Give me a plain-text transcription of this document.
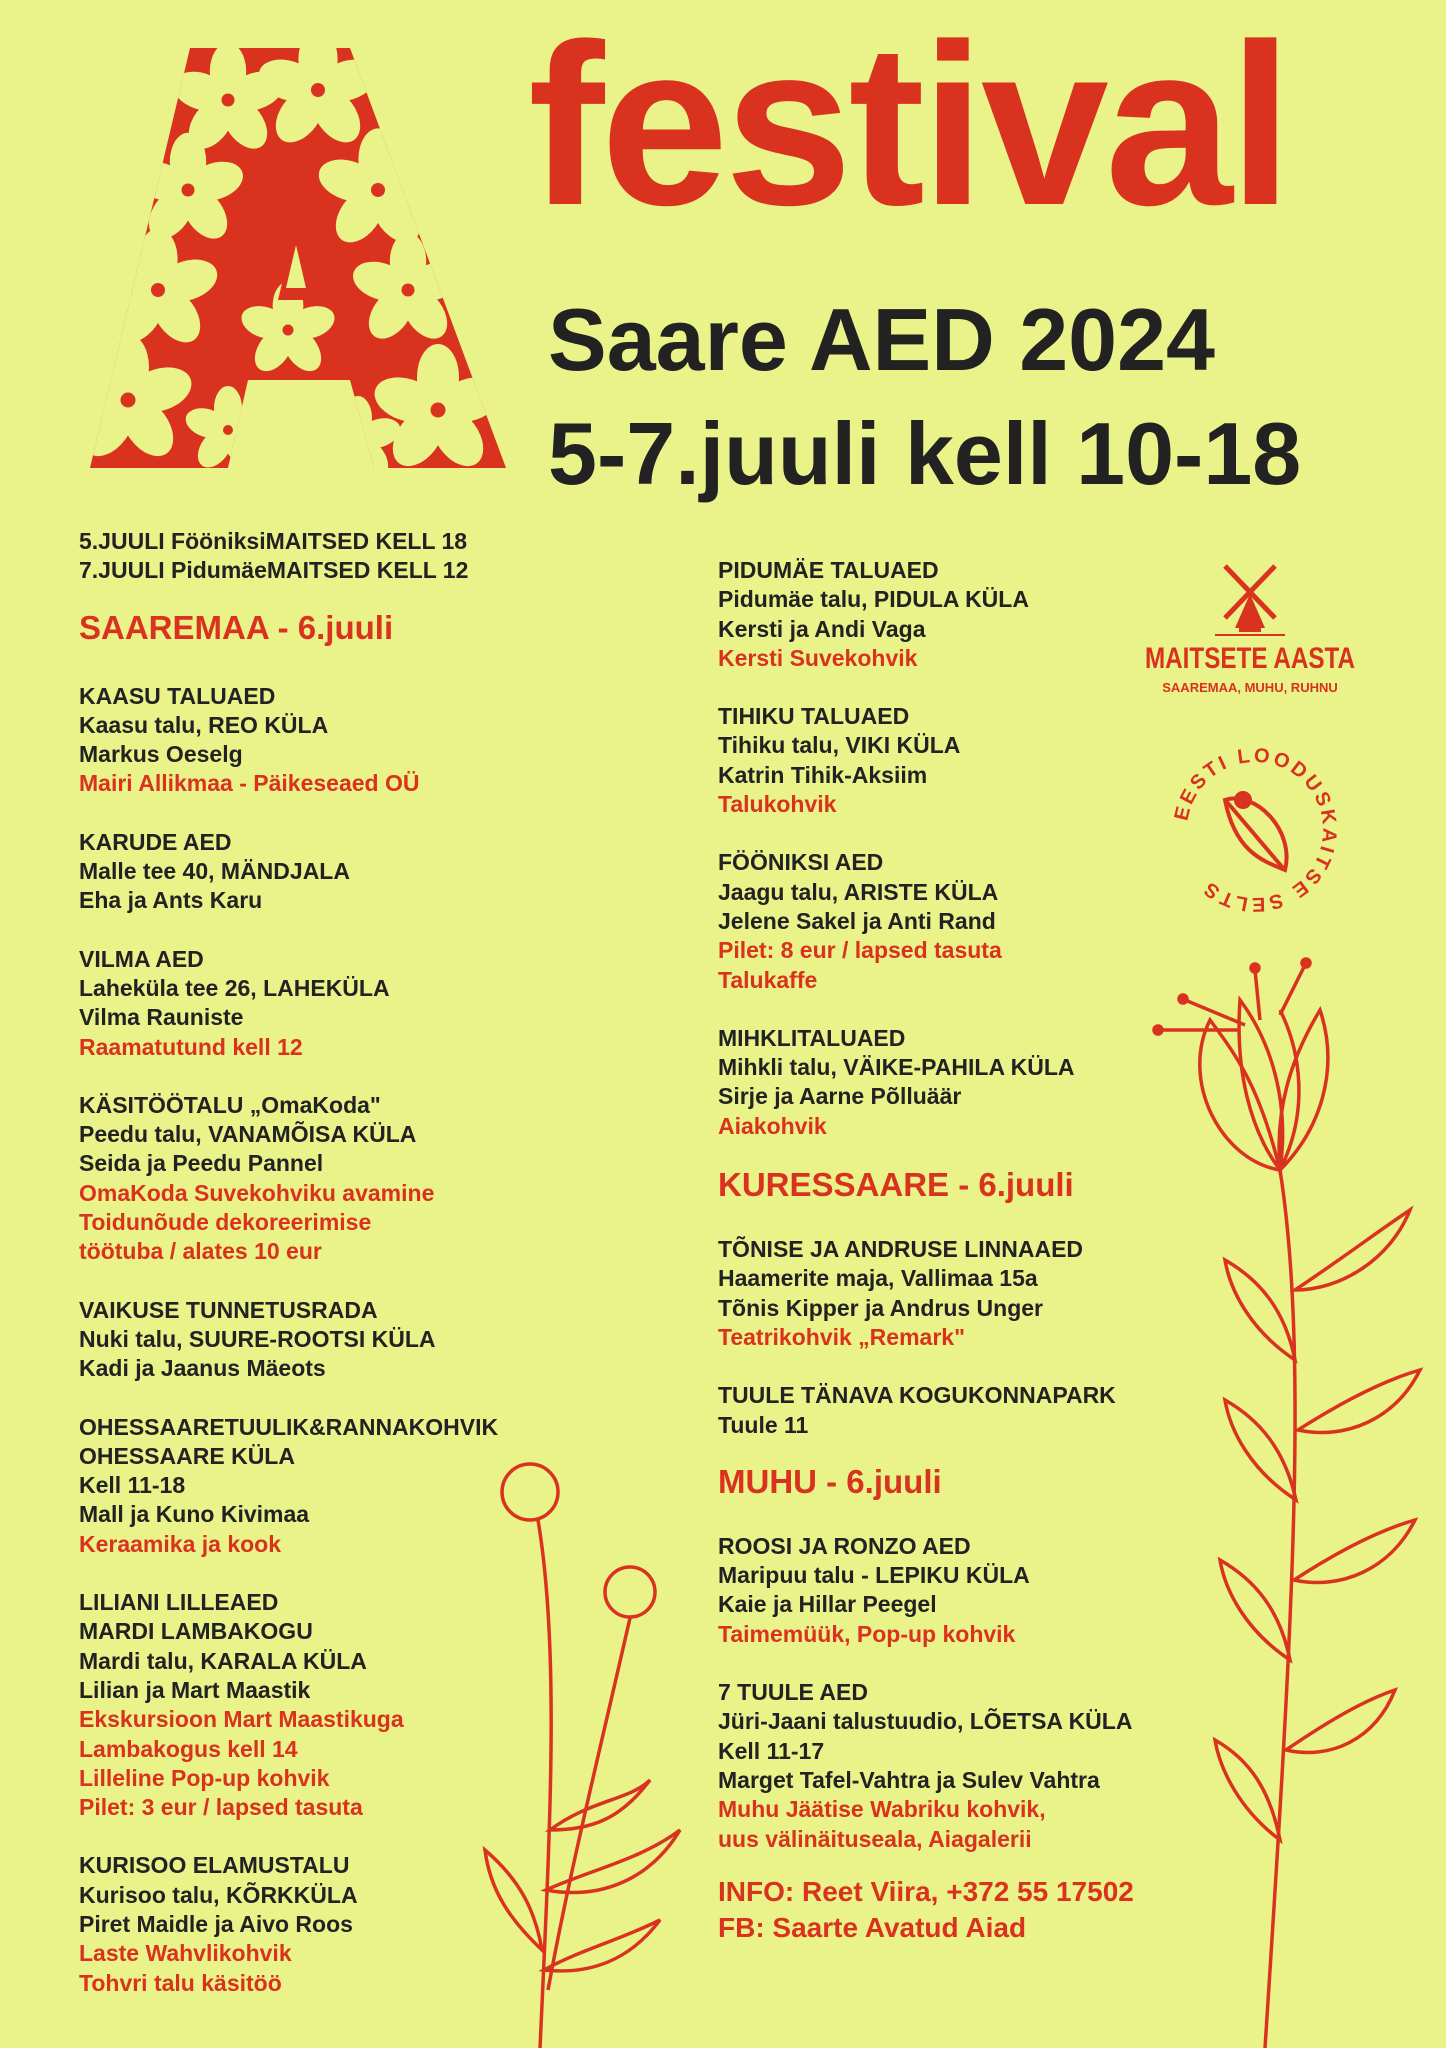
festival
Saare AED 2024
5-7.juuli kell 10-18
5.JUULI FööniksiMAITSED KELL 18
7.JUULI PidumäeMAITSED KELL 12
SAAREMAA - 6.juuli
KAASU TALUAED
Kaasu talu, REO KÜLA
Markus Oeselg
Mairi Allikmaa - Päikeseaed OÜ
KARUDE AED
Malle tee 40, MÄNDJALA
Eha ja Ants Karu
VILMA AED
Laheküla tee 26, LAHEKÜLA
Vilma Rauniste
Raamatutund kell 12
KÄSITÖÖTALU „OmaKoda"
Peedu talu, VANAMÕISA KÜLA
Seida ja Peedu Pannel
OmaKoda Suvekohviku avamine
Toidunõude dekoreerimise
töötuba / alates 10 eur
VAIKUSE TUNNETUSRADA
Nuki talu, SUURE-ROOTSI KÜLA
Kadi ja Jaanus Mäeots
OHESSAARETUULIK&RANNAKOHVIK
OHESSAARE KÜLA
Kell 11-18
Mall ja Kuno Kivimaa
Keraamika ja kook
LILIANI LILLEAED
MARDI LAMBAKOGU
Mardi talu, KARALA KÜLA
Lilian ja Mart Maastik
Ekskursioon Mart Maastikuga
Lambakogus kell 14
Lilleline Pop-up kohvik
Pilet: 3 eur / lapsed tasuta
KURISOO ELAMUSTALU
Kurisoo talu, KÕRKKÜLA
Piret Maidle ja Aivo Roos
Laste Wahvlikohvik
Tohvri talu käsitöö
PIDUMÄE TALUAED
Pidumäe talu, PIDULA KÜLA
Kersti ja Andi Vaga
Kersti Suvekohvik
TIHIKU TALUAED
Tihiku talu, VIKI KÜLA
Katrin Tihik-Aksiim
Talukohvik
FÖÖNIKSI AED
Jaagu talu, ARISTE KÜLA
Jelene Sakel ja Anti Rand
Pilet: 8 eur / lapsed tasuta
Talukaffe
MIHKLITALUAED
Mihkli talu, VÄIKE-PAHILA KÜLA
Sirje ja Aarne Põlluäär
Aiakohvik
KURESSAARE - 6.juuli
TÕNISE JA ANDRUSE LINNAAED
Haamerite maja, Vallimaa 15a
Tõnis Kipper ja Andrus Unger
Teatrikohvik „Remark"
TUULE TÄNAVA KOGUKONNAPARK
Tuule 11
MUHU - 6.juuli
ROOSI JA RONZO AED
Maripuu talu - LEPIKU KÜLA
Kaie ja Hillar Peegel
Taimemüük, Pop-up kohvik
7 TUULE AED
Jüri-Jaani talustuudio, LÕETSA KÜLA
Kell 11-17
Marget Tafel-Vahtra ja Sulev Vahtra
Muhu Jäätise Wabriku kohvik,
uus välinäituseala, Aiagalerii
INFO: Reet Viira, +372 55 17502
FB: Saarte Avatud Aiad
MAITSETE AASTA
SAAREMAA, MUHU, RUHNU
EESTI LOODUSKAITSE SELTS
